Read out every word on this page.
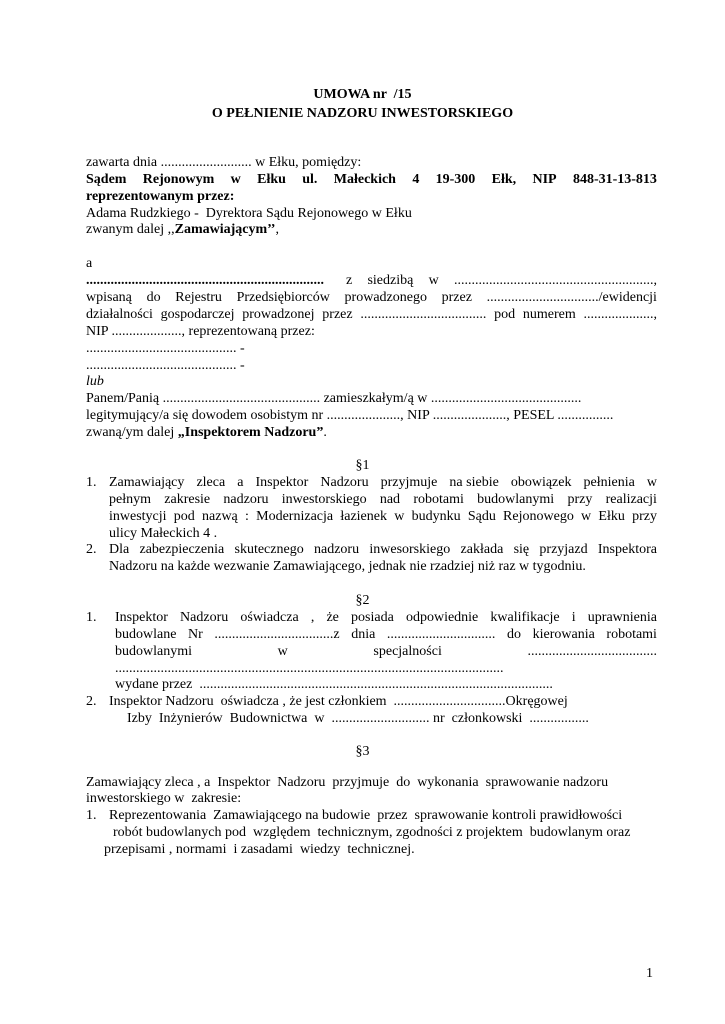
UMOWA nr  /15
O PEŁNIENIE NADZORU INWESTORSKIEGO
zawarta dnia .......................... w Ełku, pomiędzy:
Sądem Rejonowym w Ełku ul. Małeckich 4 19-300 Ełk, NIP 848-31-13-813
reprezentowanym przez:
Adama Rudzkiego -  Dyrektora Sądu Rejonowego w Ełku
zwanym dalej ,,Zamawiającym’’,
a
.................................................................... z siedzibą w .........................................................,
wpisaną do Rejestru Przedsiębiorców prowadzonego przez ................................/ewidencji
działalności gospodarczej prowadzonej przez .................................... pod numerem ....................,
NIP ...................., reprezentowaną przez:
........................................... -
........................................... -
lub
Panem/Panią ............................................. zamieszkałym/ą w ...........................................
legitymujący/a się dowodem osobistym nr ....................., NIP ....................., PESEL ................
zwaną/ym dalej „Inspektorem Nadzoru”.
§1
1. Zamawiający zleca a Inspektor Nadzoru przyjmuje na siebie obowiązek pełnienia w
pełnym zakresie nadzoru inwestorskiego nad robotami budowlanymi przy realizacji
inwestycji pod nazwą : Modernizacja łazienek w budynku Sądu Rejonowego w Ełku przy
ulicy Małeckich 4 .
2. Dla zabezpieczenia skutecznego nadzoru inwesorskiego zakłada się przyjazd Inspektora
Nadzoru na każde wezwanie Zamawiającego, jednak nie rzadziej niż raz w tygodniu.
§2
1. Inspektor Nadzoru oświadcza , że posiada odpowiednie kwalifikacje i uprawnienia
budowlane Nr ..................................z dnia ............................... do kierowania robotami
budowlanymi	w	specjalności	.....................................
...............................................................................................................
wydane przez  .....................................................................................................
2. Inspektor Nadzoru  oświadcza , że jest członkiem  ................................Okręgowej
Izby  Inżynierów  Budownictwa  w  ............................ nr  członkowski  .................
§3
Zamawiający zleca , a  Inspektor  Nadzoru  przyjmuje  do  wykonania  sprawowanie nadzoru
inwestorskiego w  zakresie:
1. Reprezentowania  Zamawiającego na budowie  przez  sprawowanie kontroli prawidłowości
robót budowlanych pod  względem  technicznym, zgodności z projektem  budowlanym oraz
przepisami , normami  i zasadami  wiedzy  technicznej.
1
